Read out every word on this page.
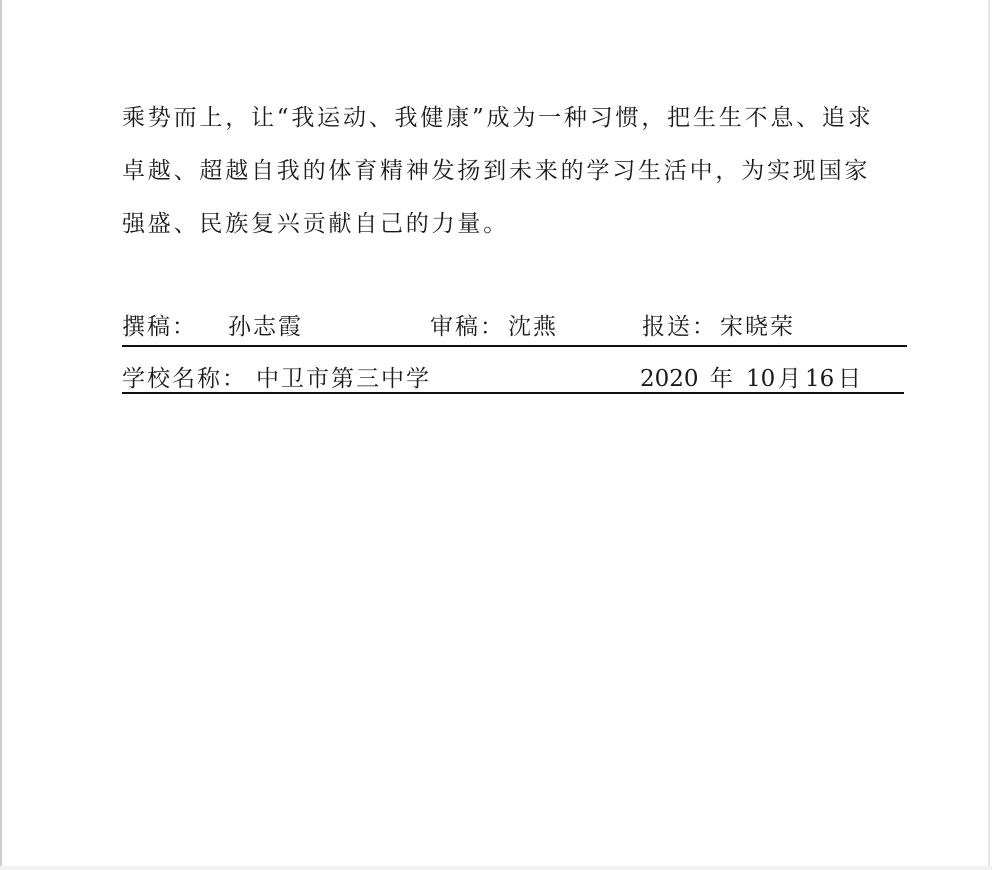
乘势而上，让“我运动、我健康”成为一种习惯，把生生不息、追求
卓越、超越自我的体育精神发扬到未来的学习生活中，为实现国家
强盛、民族复兴贡献自己的力量。
撰稿： 孙志霞	审稿： 沈燕	报送： 宋晓荣
学校名称： 中卫市第三中学	2020 年 10 月 16 日
